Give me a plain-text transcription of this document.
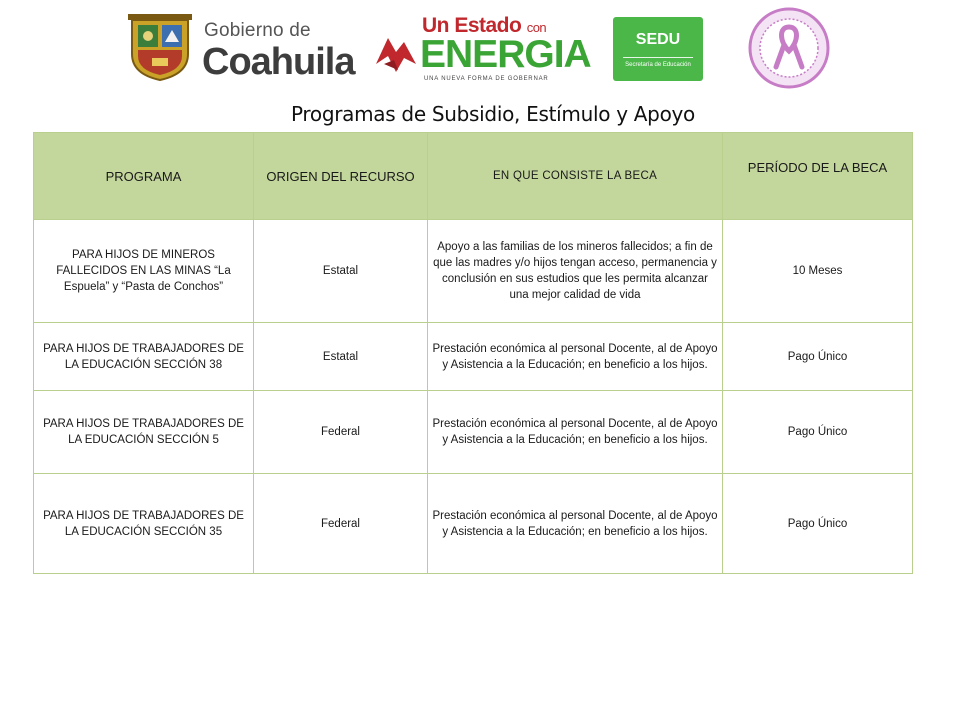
Gobierno de
Coahuila
Un Estado con
ENERGIA
UNA NUEVA FORMA DE GOBERNAR
SEDU
Secretaría de Educación
Programas de Subsidio, Estímulo y Apoyo
PROGRAMA	ORIGEN DEL RECURSO	EN QUE CONSISTE LA BECA	PERÍODO DE LA BECA
PARA HIJOS DE MINEROS FALLECIDOS EN LAS MINAS “La Espuela” y “Pasta de Conchos”	Estatal	Apoyo a las familias de los mineros fallecidos; a fin de que las madres y/o hijos tengan acceso, permanencia y conclusión en sus estudios que les permita alcanzar una mejor calidad de vida	10 Meses
PARA HIJOS DE TRABAJADORES DE LA EDUCACIÓN SECCIÓN 38	Estatal	Prestación económica al personal Docente, al de Apoyo y Asistencia a la Educación; en beneficio a los hijos.	Pago Único
PARA HIJOS DE TRABAJADORES DE LA EDUCACIÓN SECCIÓN 5	Federal	Prestación económica al personal Docente, al de Apoyo y Asistencia a la Educación; en beneficio a los hijos.	Pago Único
PARA HIJOS DE TRABAJADORES DE LA EDUCACIÓN SECCIÓN 35	Federal	Prestación económica al personal Docente, al de Apoyo y Asistencia a la Educación; en beneficio a los hijos.	Pago Único
